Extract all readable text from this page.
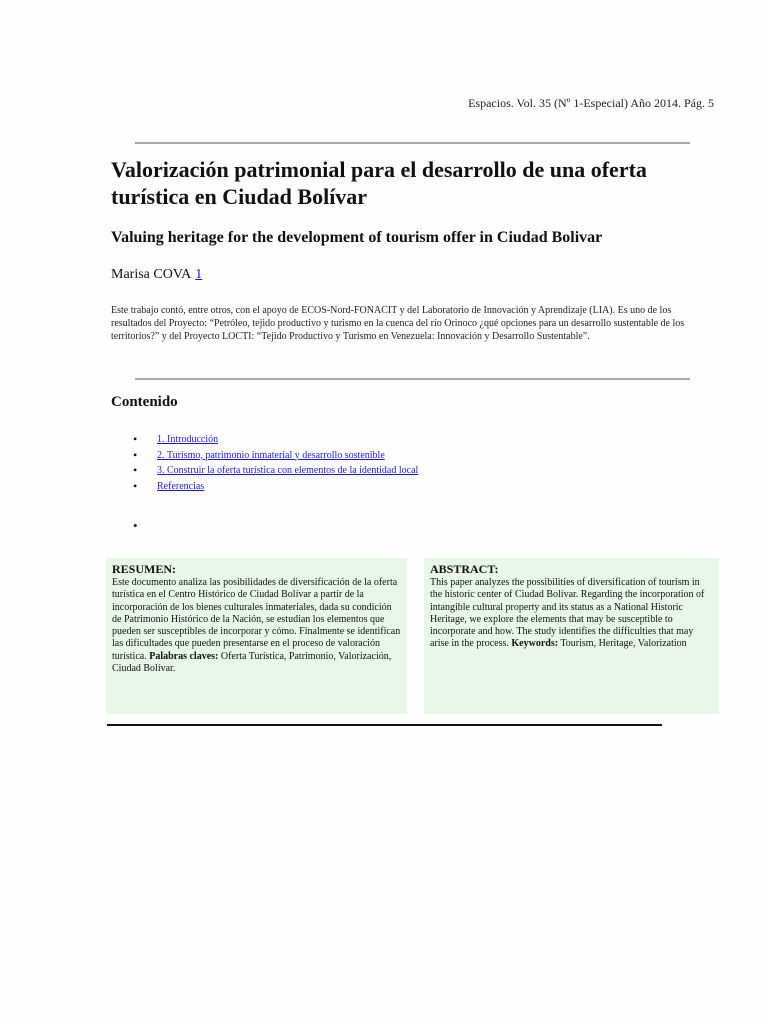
Espacios. Vol. 35 (Nº 1-Especial) Año 2014. Pág. 5
Valorización patrimonial para el desarrollo de una oferta turística en Ciudad Bolívar
Valuing heritage for the development of tourism offer in Ciudad Bolivar
Marisa COVA 1

Este trabajo contó, entre otros, con el apoyo de ECOS-Nord-FONACIT y del Laboratorio de Innovación y Aprendizaje (LIA). Es uno de los resultados del Proyecto: “Petróleo, tejido productivo y turismo en la cuenca del río Orinoco ¿qué opciones para un desarrollo sustentable de los territorios?” y del Proyecto LOCTI: “Tejido Productivo y Turismo en Venezuela: Innovación y Desarrollo Sustentable”.

Contenido
• 1. Introducción
• 2. Turismo, patrimonio inmaterial y desarrollo sostenible
• 3. Construir la oferta turística con elementos de la identidad local
• Referencias
•
RESUMEN:

Este documento analiza las posibilidades de diversificación de la oferta turística en el Centro Histórico de Ciudad Bolívar a partir de la incorporación de los bienes culturales inmateriales, dada su condición de Patrimonio Histórico de la Nación, se estudian los elementos que pueden ser susceptibles de incorporar y cómo. Finalmente se identifican las dificultades que pueden presentarse en el proceso de valoración turística. Palabras claves: Oferta Turística, Patrimonio, Valorización, Ciudad Bolívar.

ABSTRACT:

This paper analyzes the possibilities of diversification of tourism in the historic center of Ciudad Bolívar. Regarding the incorporation of intangible cultural property and its status as a National Historic Heritage, we explore the elements that may be susceptible to incorporate and how. The study identifies the difficulties that may arise in the process. Keywords: Tourism, Heritage, Valorization
